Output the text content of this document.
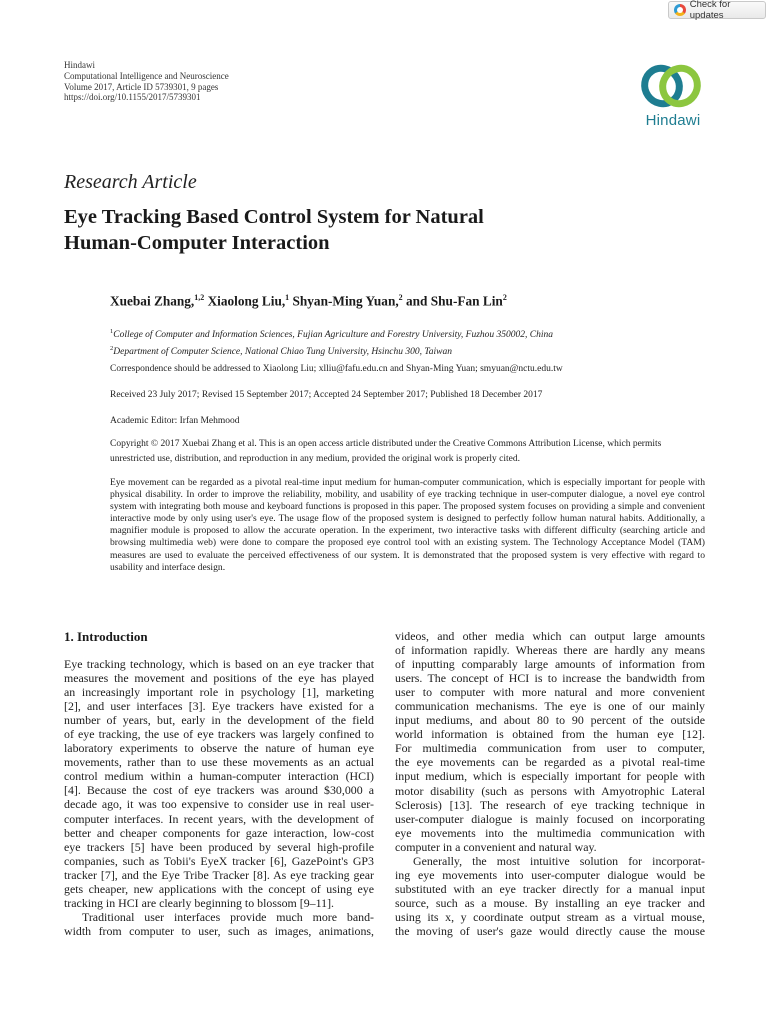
Check for updates
Hindawi
Computational Intelligence and Neuroscience
Volume 2017, Article ID 5739301, 9 pages
https://doi.org/10.1155/2017/5739301
Hindawi
Research Article
Eye Tracking Based Control System for Natural
Human-Computer Interaction
Xuebai Zhang,$^{1,2}$ Xiaolong Liu,$^1$ Shyan-Ming Yuan,$^2$ and Shu-Fan Lin$^2$
$^1$College of Computer and Information Sciences, Fujian Agriculture and Forestry University, Fuzhou 350002, China
$^2$Department of Computer Science, National Chiao Tung University, Hsinchu 300, Taiwan
Correspondence should be addressed to Xiaolong Liu; xlliu@fafu.edu.cn and Shyan-Ming Yuan; smyuan@nctu.edu.tw
Received 23 July 2017; Revised 15 September 2017; Accepted 24 September 2017; Published 18 December 2017
Academic Editor: Irfan Mehmood
Copyright © 2017 Xuebai Zhang et al. This is an open access article distributed under the Creative Commons Attribution License, which permits unrestricted use, distribution, and reproduction in any medium, provided the original work is properly cited.
Eye movement can be regarded as a pivotal real-time input medium for human-computer communication, which is especially important for people with physical disability. In order to improve the reliability, mobility, and usability of eye tracking technique in user-computer dialogue, a novel eye control system with integrating both mouse and keyboard functions is proposed in this paper. The proposed system focuses on providing a simple and convenient interactive mode by only using user's eye. The usage flow of the proposed system is designed to perfectly follow human natural habits. Additionally, a magnifier module is proposed to allow the accurate operation. In the experiment, two interactive tasks with different difficulty (searching article and browsing multimedia web) were done to compare the proposed eye control tool with an existing system. The Technology Acceptance Model (TAM) measures are used to evaluate the perceived effectiveness of our system. It is demonstrated that the proposed system is very effective with regard to usability and interface design.
1. Introduction
Eye tracking technology, which is based on an eye tracker that
measures the movement and positions of the eye has played
an increasingly important role in psychology [1], marketing
[2], and user interfaces [3]. Eye trackers have existed for a
number of years, but, early in the development of the field
of eye tracking, the use of eye trackers was largely confined to
laboratory experiments to observe the nature of human eye
movements, rather than to use these movements as an actual
control medium within a human-computer interaction (HCI)
[4]. Because the cost of eye trackers was around $30,000 a
decade ago, it was too expensive to consider use in real user-
computer interfaces. In recent years, with the development of
better and cheaper components for gaze interaction, low-cost
eye trackers [5] have been produced by several high-profile
companies, such as Tobii's EyeX tracker [6], GazePoint's GP3
tracker [7], and the Eye Tribe Tracker [8]. As eye tracking gear
gets cheaper, new applications with the concept of using eye
tracking in HCI are clearly beginning to blossom [9–11].
Traditional user interfaces provide much more band-
width from computer to user, such as images, animations,
videos, and other media which can output large amounts
of information rapidly. Whereas there are hardly any means
of inputting comparably large amounts of information from
users. The concept of HCI is to increase the bandwidth from
user to computer with more natural and more convenient
communication mechanisms. The eye is one of our mainly
input mediums, and about 80 to 90 percent of the outside
world information is obtained from the human eye [12].
For multimedia communication from user to computer,
the eye movements can be regarded as a pivotal real-time
input medium, which is especially important for people with
motor disability (such as persons with Amyotrophic Lateral
Sclerosis) [13]. The research of eye tracking technique in
user-computer dialogue is mainly focused on incorporating
eye movements into the multimedia communication with
computer in a convenient and natural way.
Generally, the most intuitive solution for incorporat-
ing eye movements into user-computer dialogue would be
substituted with an eye tracker directly for a manual input
source, such as a mouse. By installing an eye tracker and
using its x, y coordinate output stream as a virtual mouse,
the moving of user's gaze would directly cause the mouse
